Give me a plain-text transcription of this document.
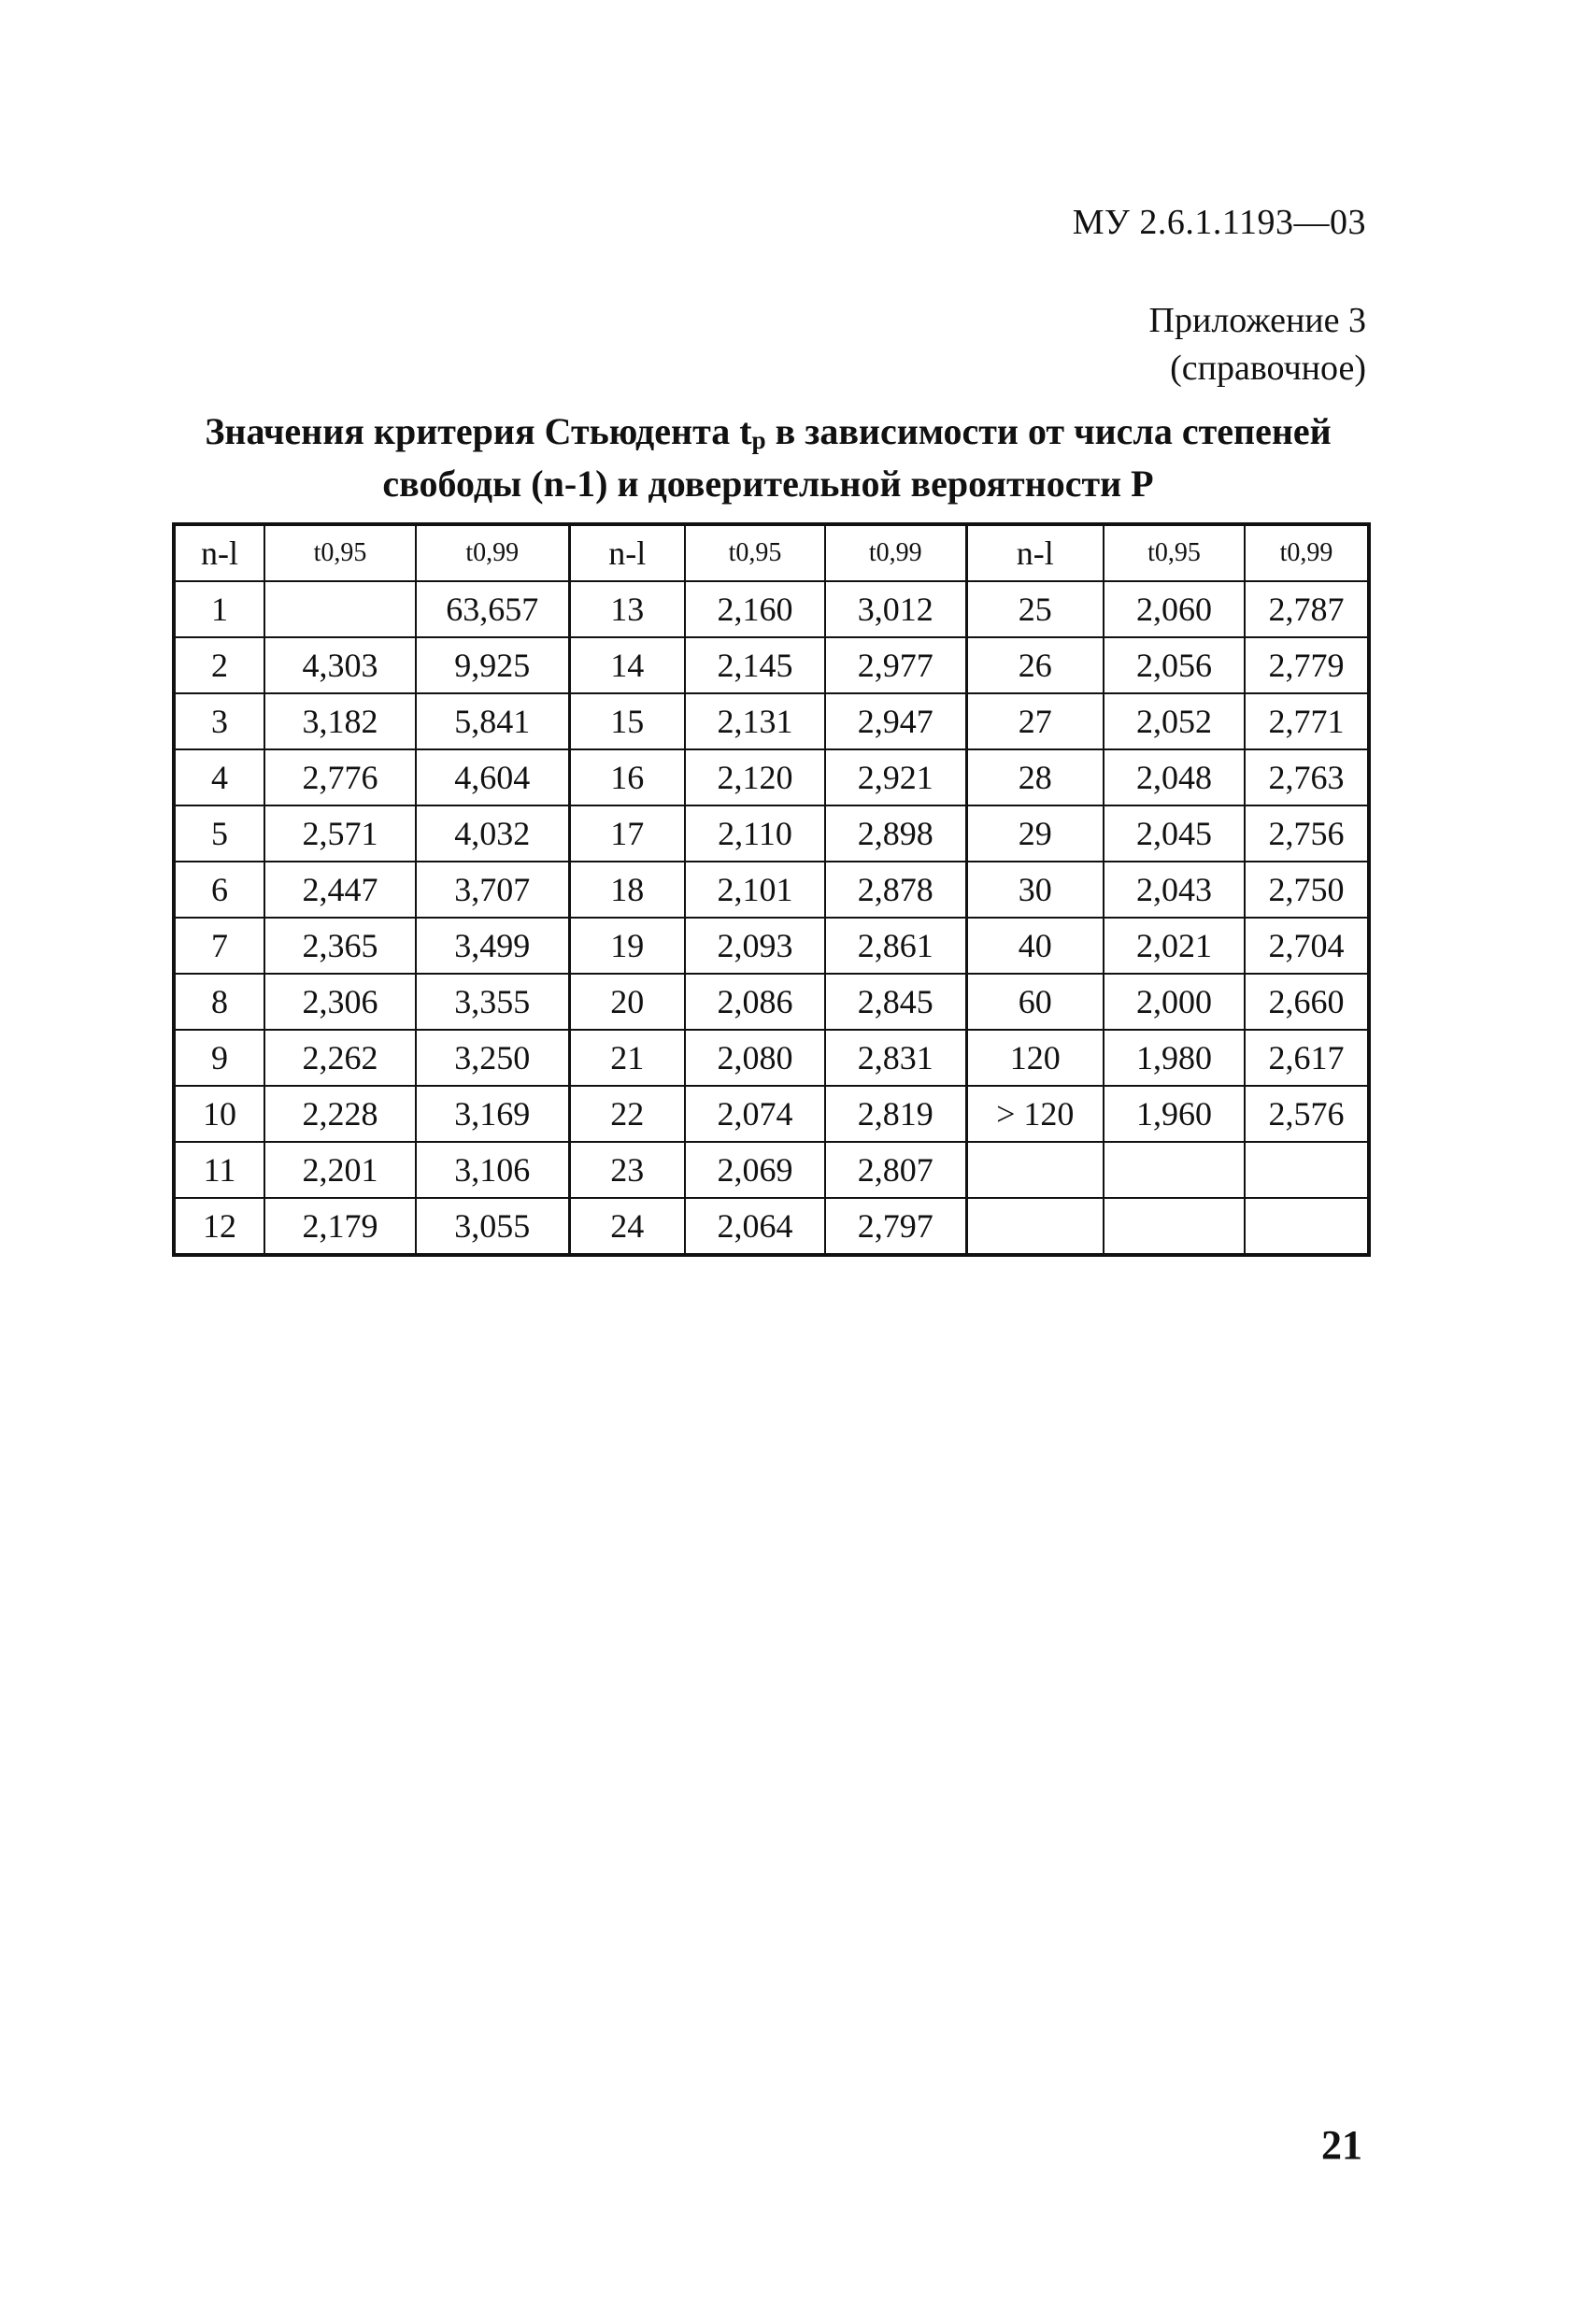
МУ 2.6.1.1193—03
Приложение 3
(справочное)
Значения критерия Стьюдента tр в зависимости от числа степеней
свободы (n-1) и доверительной вероятности Р
n-l	t0,95	t0,99	n-l	t0,95	t0,99	n-l	t0,95	t0,99
1		63,657	13	2,160	3,012	25	2,060	2,787
2	4,303	9,925	14	2,145	2,977	26	2,056	2,779
3	3,182	5,841	15	2,131	2,947	27	2,052	2,771
4	2,776	4,604	16	2,120	2,921	28	2,048	2,763
5	2,571	4,032	17	2,110	2,898	29	2,045	2,756
6	2,447	3,707	18	2,101	2,878	30	2,043	2,750
7	2,365	3,499	19	2,093	2,861	40	2,021	2,704
8	2,306	3,355	20	2,086	2,845	60	2,000	2,660
9	2,262	3,250	21	2,080	2,831	120	1,980	2,617
10	2,228	3,169	22	2,074	2,819	> 120	1,960	2,576
11	2,201	3,106	23	2,069	2,807			
12	2,179	3,055	24	2,064	2,797			
21
